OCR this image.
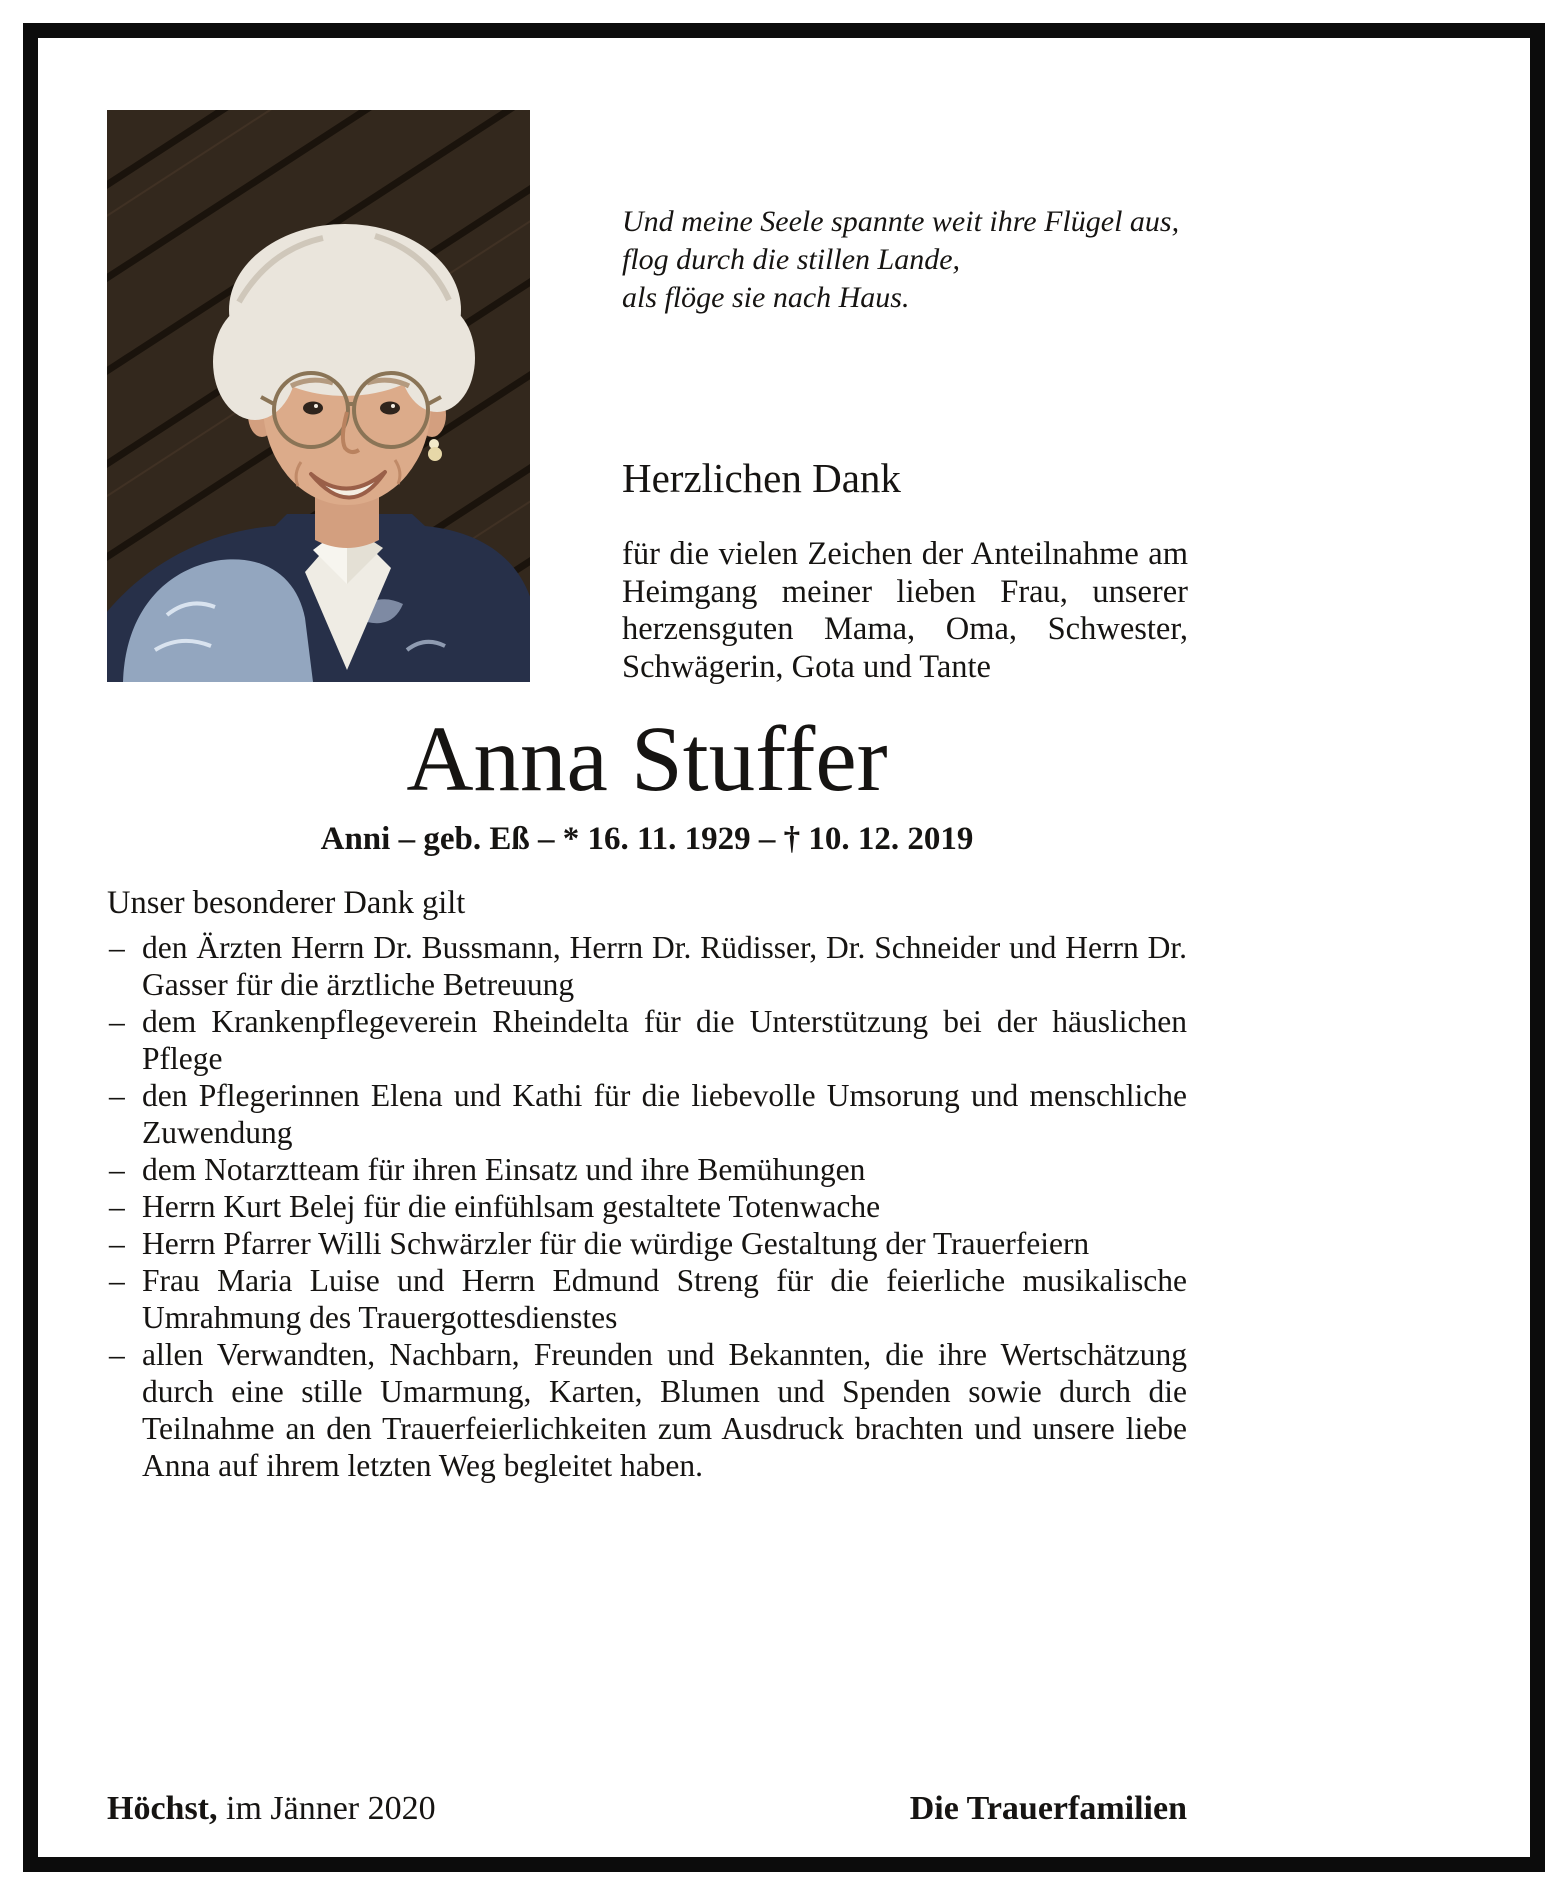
Und meine Seele spannte weit ihre Flügel aus,
flog durch die stillen Lande,
als flöge sie nach Haus.
Herzlichen Dank
für die vielen Zeichen der Anteilnahme am Heimgang meiner lieben Frau, unserer herzensguten Mama, Oma, Schwester, Schwägerin, Gota und Tante
Anna Stuffer
Anni – geb. Eß – * 16. 11. 1929 – † 10. 12. 2019
Unser besonderer Dank gilt
– den Ärzten Herrn Dr. Bussmann, Herrn Dr. Rüdisser, Dr. Schneider und Herrn Dr. Gasser für die ärztliche Betreuung
– dem Krankenpflegeverein Rheindelta für die Unterstützung bei der häuslichen Pflege
– den Pflegerinnen Elena und Kathi für die liebevolle Umsorung und menschliche Zuwendung
– dem Notarztteam für ihren Einsatz und ihre Bemühungen
– Herrn Kurt Belej für die einfühlsam gestaltete Totenwache
– Herrn Pfarrer Willi Schwärzler für die würdige Gestaltung der Trauerfeiern
– Frau Maria Luise und Herrn Edmund Streng für die feierliche musikalische Umrahmung des Trauergottesdienstes
– allen Verwandten, Nachbarn, Freunden und Bekannten, die ihre Wertschätzung durch eine stille Umarmung, Karten, Blumen und Spenden sowie durch die Teilnahme an den Trauerfeierlichkeiten zum Ausdruck brachten und unsere liebe Anna auf ihrem letzten Weg begleitet haben.
Höchst, im Jänner 2020	Die Trauerfamilien
